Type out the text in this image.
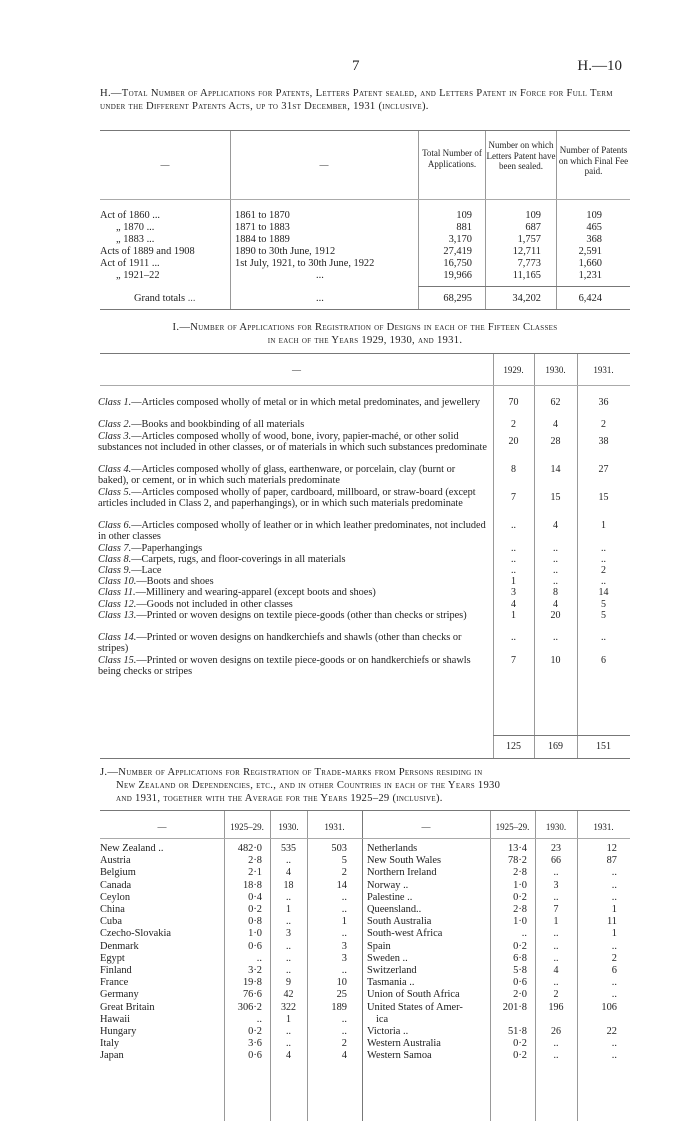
7	H.—10
H.—Total Number of Applications for Patents, Letters Patent sealed, and Letters Patent in Force for Full Term under the Different Patents Acts, up to 31st December, 1931 (inclusive).
—	—
Total Number of Applications.
Number on which Letters Patent have been sealed.
Number of Patents on which Final Fee paid.
Act of 1860 ...	1861 to 1870	109	109	109
„ 1870 ...	1871 to 1883	881	687	465
„ 1883 ...	1884 to 1889	3,170	1,757	368
Acts of 1889 and 1908	1890 to 30th June, 1912	27,419	12,711	2,591
Act of 1911 ...	1st July, 1921, to 30th June, 1922	16,750	7,773	1,660
„ 1921–22	...	19,966	11,165	1,231
Grand totals ...	...	68,295	34,202	6,424
I.—Number of Applications for Registration of Designs in each of the Fifteen Classes
in each of the Years 1929, 1930, and 1931.
—	1929.	1930.	1931.
Class 1.—Articles composed wholly of metal or in which metal predominates, and jewellery	70	62	36
Class 2.—Books and bookbinding of all materials	2	4	2
Class 3.—Articles composed wholly of wood, bone, ivory, papier-maché, or other solid substances not included in other classes, or of materials in which such substances predominate
20	28	38
Class 4.—Articles composed wholly of glass, earthenware, or porcelain, clay (burnt or baked), or cement, or in which such materials predominate
8	14	27
Class 5.—Articles composed wholly of paper, cardboard, millboard, or straw-board (except articles included in Class 2, and paperhangings), or in which such materials predominate
7	15	15
Class 6.—Articles composed wholly of leather or in which leather predominates, not included in other classes
..	4	1
Class 7.—Paperhangings	..	..	..
Class 8.—Carpets, rugs, and floor-coverings in all materials	..	..	..
Class 9.—Lace	..	..	2
Class 10.—Boots and shoes	1	..	..
Class 11.—Millinery and wearing-apparel (except boots and shoes)	3	8	14
Class 12.—Goods not included in other classes	4	4	5
Class 13.—Printed or woven designs on textile piece-goods (other than checks or stripes)	1	20	5
Class 14.—Printed or woven designs on handkerchiefs and shawls (other than checks or stripes)
..	..	..
Class 15.—Printed or woven designs on textile piece-goods or on handkerchiefs or shawls being checks or stripes
7	10	6
125	169	151
J.—Number of Applications for Registration of Trade-marks from Persons residing in
New Zealand or Dependencies, etc., and in other Countries in each of the Years 1930
and 1931, together with the Average for the Years 1925–29 (inclusive).
—	1925–29.	1930.	1931.	—	1925–29.	1930.	1931.
New Zealand ..	482·0	535	503
Austria	2·8	..	5
Belgium	2·1	4	2
Canada	18·8	18	14
Ceylon	0·4	..	..
China	0·2	1	..
Cuba	0·8	..	1
Czecho-Slovakia	1·0	3	..
Denmark	0·6	..	3
Egypt	..	..	3
Finland	3·2	..	..
France	19·8	9	10
Germany	76·6	42	25
Great Britain	306·2	322	189
Hawaii	..	1	..
Hungary	0·2	..	..
Italy	3·6	..	2
Japan	0·6	4	4
Netherlands	13·4	23	12
New South Wales	78·2	66	87
Northern Ireland	2·8	..	..
Norway ..	1·0	3	..
Palestine ..	0·2	..	..
Queensland..	2·8	7	1
South Australia	1·0	1	11
South-west Africa	..	..	1
Spain	0·2	..	..
Sweden ..	6·8	..	2
Switzerland	5·8	4	6
Tasmania ..	0·6	..	..
Union of South Africa	2·0	2	..
United States of Amer-	201·8	196	106
ica
Victoria ..	51·8	26	22
Western Australia	0·2	..	..
Western Samoa	0·2	..	..
